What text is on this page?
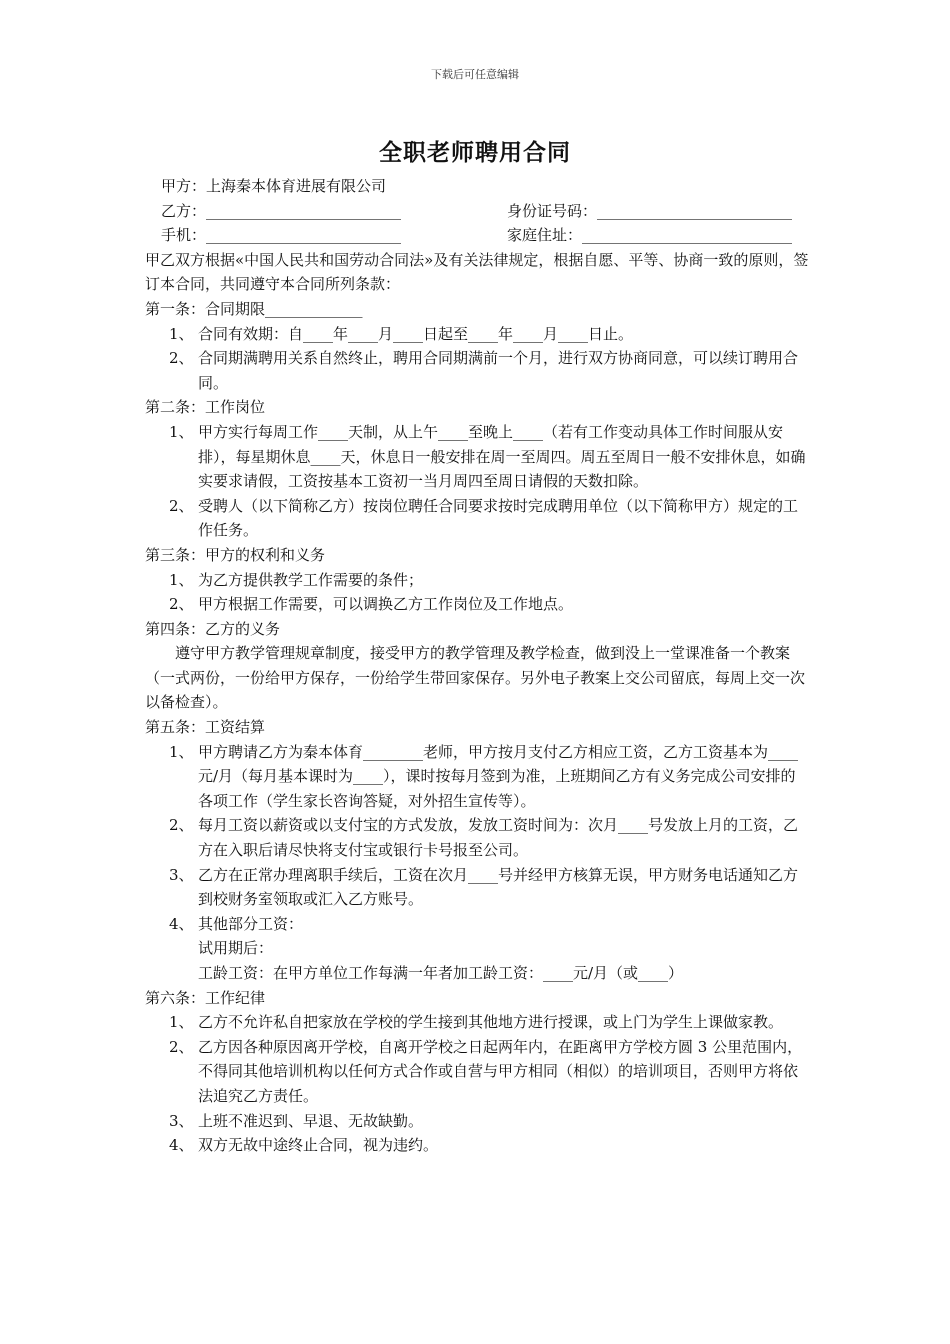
下载后可任意编辑
全职老师聘用合同
甲方：上海秦本体育进展有限公司
乙方：__________________________	身份证号码：__________________________
手机：__________________________	家庭住址：____________________________
甲乙双方根据«中国人民共和国劳动合同法»及有关法律规定，根据自愿、平等、协商一致的原则，签订本合同，共同遵守本合同所列条款：
第一条：合同期限_____________
1、 合同有效期：自____年____月____日起至____年____月____日止。
2、 合同期满聘用关系自然终止，聘用合同期满前一个月，进行双方协商同意，可以续订聘用合同。
第二条：工作岗位
1、 甲方实行每周工作____天制，从上午____至晚上____（若有工作变动具体工作时间服从安排），每星期休息____天，休息日一般安排在周一至周四。周五至周日一般不安排休息，如确实要求请假，工资按基本工资初一当月周四至周日请假的天数扣除。
2、 受聘人（以下简称乙方）按岗位聘任合同要求按时完成聘用单位（以下简称甲方）规定的工作任务。
第三条：甲方的权利和义务
1、 为乙方提供教学工作需要的条件；
2、 甲方根据工作需要，可以调换乙方工作岗位及工作地点。
第四条：乙方的义务
遵守甲方教学管理规章制度，接受甲方的教学管理及教学检查，做到没上一堂课准备一个教案（一式两份，一份给甲方保存，一份给学生带回家保存。另外电子教案上交公司留底，每周上交一次以备检查）。
第五条：工资结算
1、 甲方聘请乙方为秦本体育________老师，甲方按月支付乙方相应工资，乙方工资基本为____元/月（每月基本课时为____），课时按每月签到为准，上班期间乙方有义务完成公司安排的各项工作（学生家长咨询答疑，对外招生宣传等）。
2、 每月工资以薪资或以支付宝的方式发放，发放工资时间为：次月____号发放上月的工资，乙方在入职后请尽快将支付宝或银行卡号报至公司。
3、 乙方在正常办理离职手续后，工资在次月____号并经甲方核算无误，甲方财务电话通知乙方到校财务室领取或汇入乙方账号。
4、 其他部分工资：
试用期后：
工龄工资：在甲方单位工作每满一年者加工龄工资：____元/月（或____）
第六条：工作纪律
1、 乙方不允许私自把家放在学校的学生接到其他地方进行授课，或上门为学生上课做家教。
2、 乙方因各种原因离开学校，自离开学校之日起两年内，在距离甲方学校方圆 3 公里范围内，不得同其他培训机构以任何方式合作或自营与甲方相同（相似）的培训项目，否则甲方将依法追究乙方责任。
3、 上班不准迟到、早退、无故缺勤。
4、 双方无故中途终止合同，视为违约。
